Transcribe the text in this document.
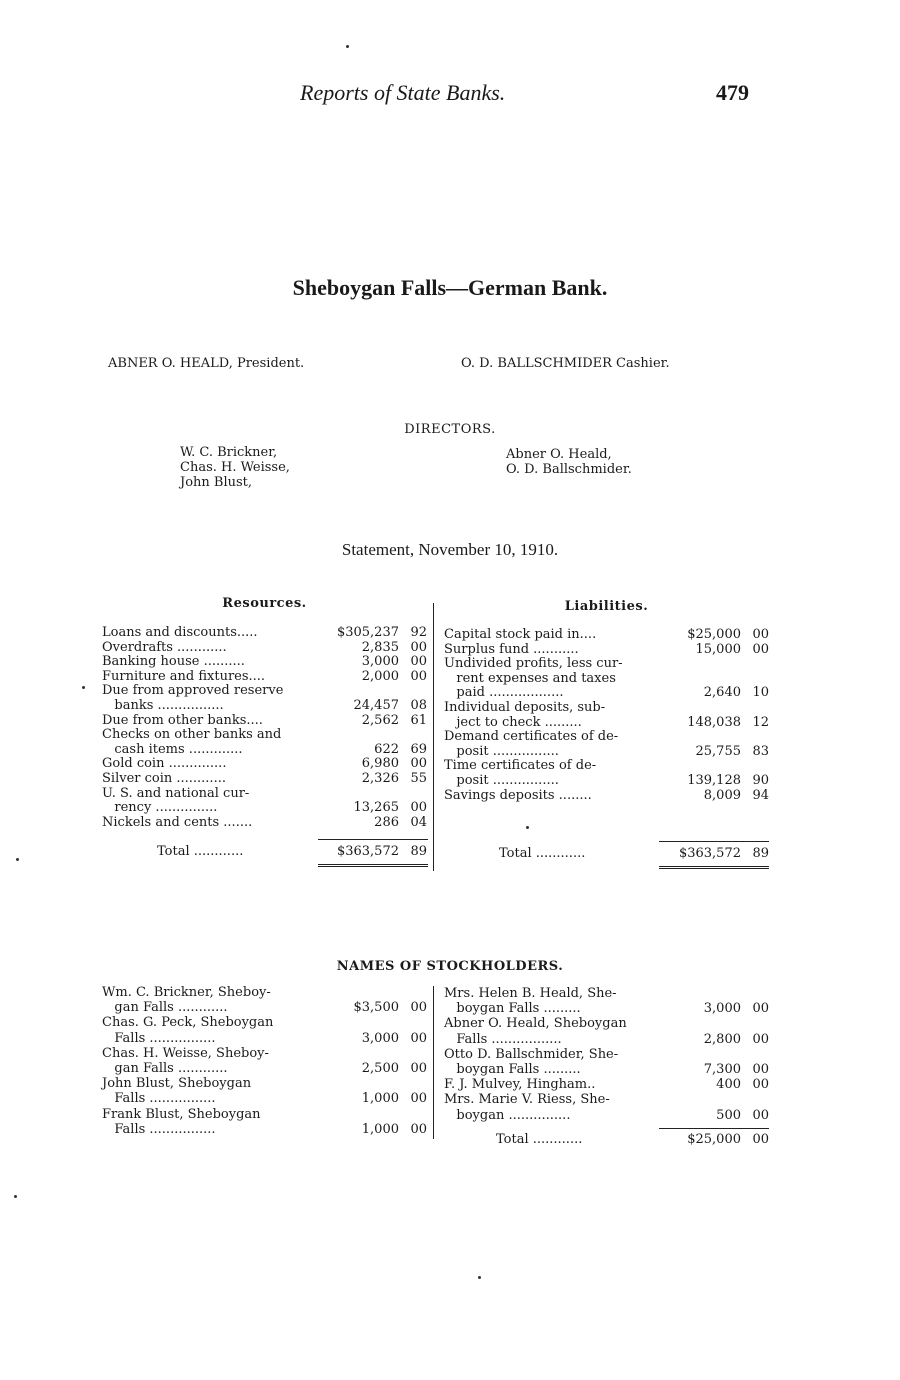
Reports of State Banks.	479
Sheboygan Falls—German Bank.
ABNER O. HEALD, President.	O. D. BALLSCHMIDER Cashier.
DIRECTORS.
W. C. Brickner,
Chas. H. Weisse,
John Blust,
Abner O. Heald,
O. D. Ballschmider.
Statement, November 10, 1910.
Resources.	Liabilities.
Loans and discounts.....	$305,237 92
Overdrafts ............	2,835 00
Banking house ..........	3,000 00
Furniture and fixtures....	2,000 00
Due from approved reserve
banks ................	24,457 08
Due from other banks....	2,562 61
Checks on other banks and
cash items .............	622 69
Gold coin ..............	6,980 00
Silver coin ............	2,326 55
U. S. and national cur-
rency ...............	13,265 00
Nickels and cents .......	286 04
Capital stock paid in....	$25,000 00
Surplus fund ...........	15,000 00
Undivided profits, less cur-
rent expenses and taxes
paid ..................	2,640 10
Individual deposits, sub-
ject to check .........	148,038 12
Demand certificates of de-
posit ................	25,755 83
Time certificates of de-
posit ................	139,128 90
Savings deposits ........	8,009 94
Total ............	$363,572 89	Total ............	$363,572 89
NAMES OF STOCKHOLDERS.
Wm. C. Brickner, Sheboy-
gan Falls ............	$3,500 00
Chas. G. Peck, Sheboygan
Falls ................	3,000 00
Chas. H. Weisse, Sheboy-
gan Falls ............	2,500 00
John Blust, Sheboygan
Falls ................	1,000 00
Frank Blust, Sheboygan
Falls ................	1,000 00
Mrs. Helen B. Heald, She-
boygan Falls .........	3,000 00
Abner O. Heald, Sheboygan
Falls .................	2,800 00
Otto D. Ballschmider, She-
boygan Falls .........	7,300 00
F. J. Mulvey, Hingham..	400 00
Mrs. Marie V. Riess, She-
boygan ...............	500 00
Total ............	$25,000 00
